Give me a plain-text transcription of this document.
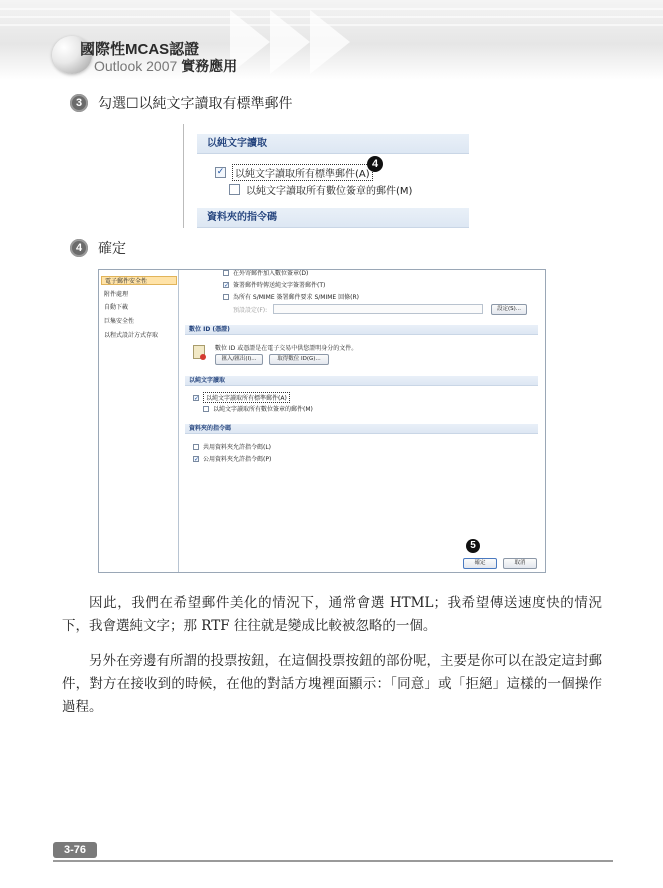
國際性MCAS認證
Outlook 2007 實務應用
3	勾選☐以純文字讀取有標準郵件
以純文字讀取
✓	以純文字讀取所有標準郵件(A)
以純文字讀取所有數位簽章的郵件(M)
資料夾的指令碼
4
4	確定
電子郵件安全性
附件處理
自動下載
巨集安全性
以程式設計方式存取
在外寄郵件加入數位簽章(D)
✓ 簽署郵件時傳送純文字簽署郵件(T)
為所有 S/MIME 簽署郵件要求 S/MIME 回條(R)
預設設定(F):	設定(S)...
數位 ID (憑證)
數位 ID 或憑證是在電子交易中供您證明身分的文件。
匯入/匯出(I)...	取得數位 ID(G)...
以純文字讀取
✓	以純文字讀取所有標準郵件(A)
以純文字讀取所有數位簽章的郵件(M)
資料夾的指令碼
共用資料夾允許指令碼(L)
✓ 公用資料夾允許指令碼(P)
確定	取消
5

因此，我們在希望郵件美化的情況下，通常會選 HTML；我希望傳送速度快的情況下，我會選純文字；那 RTF 往往就是變成比較被忽略的一個。

另外在旁邊有所謂的投票按鈕，在這個投票按鈕的部份呢，主要是你可以在設定這封郵件，對方在接收到的時候，在他的對話方塊裡面顯示：「同意」或「拒絕」這樣的一個操作過程。

3-76
